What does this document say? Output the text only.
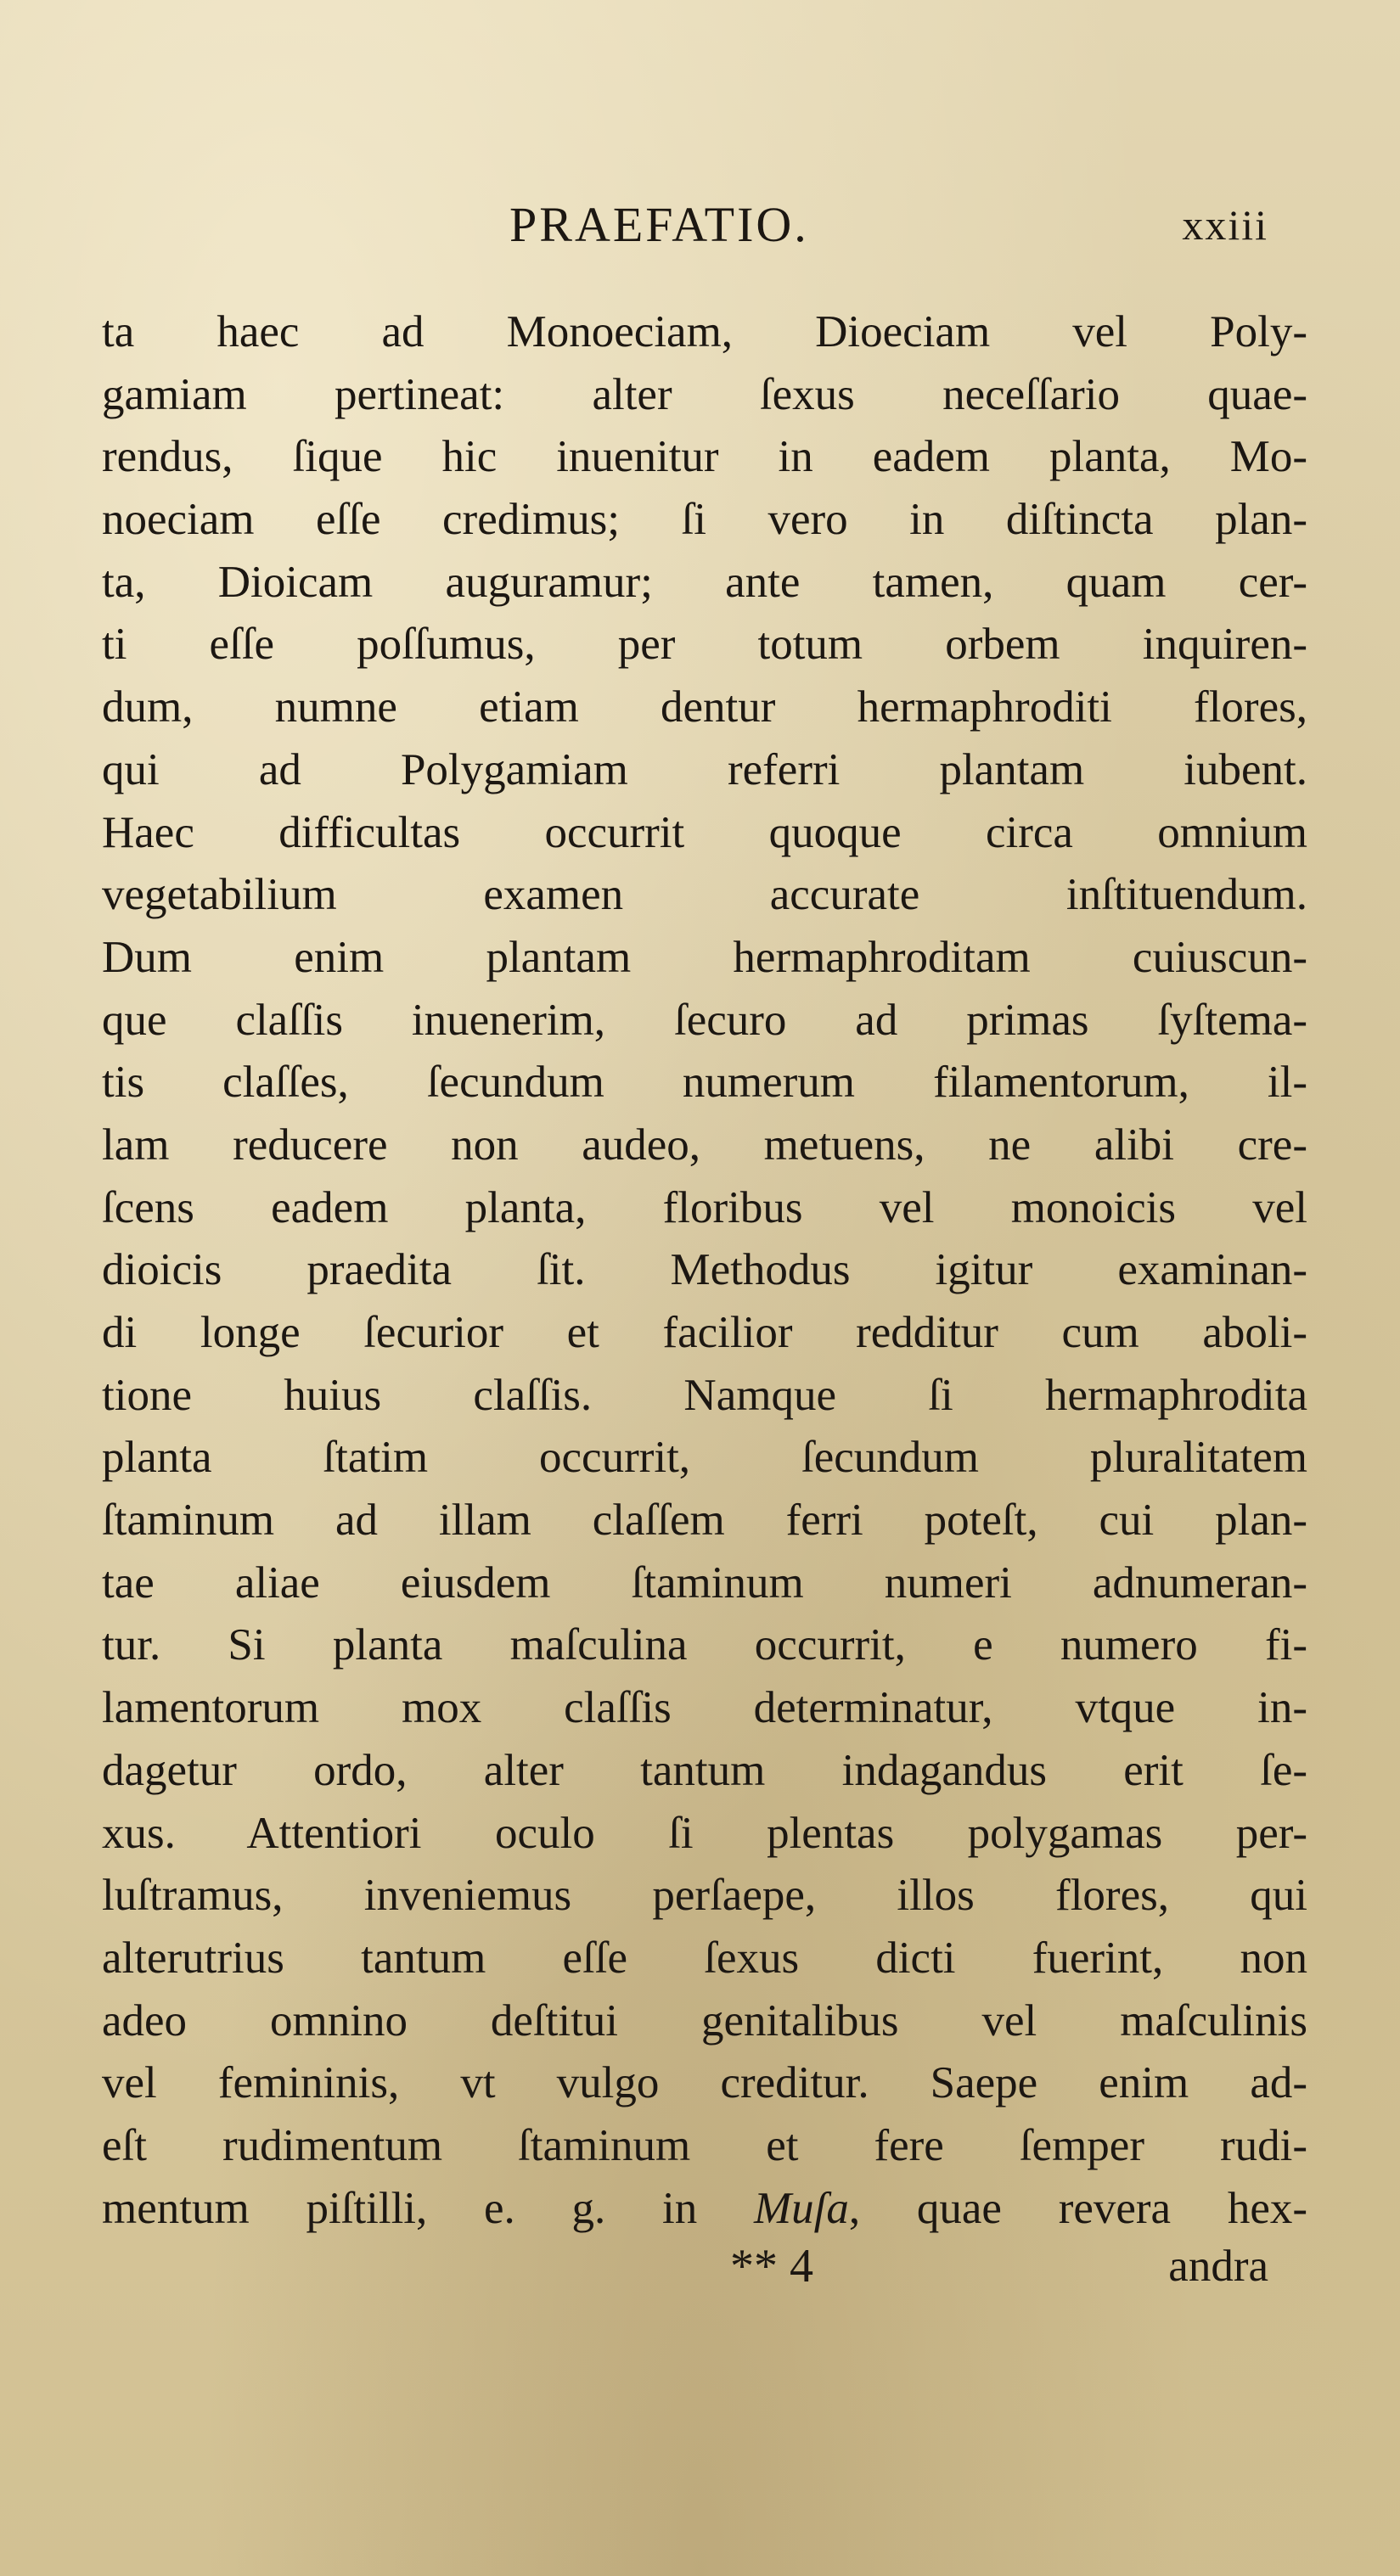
PRAEFATIO.	xxiii
ta haec ad Monoeciam, Dioeciam vel Poly-
gamiam pertineat: alter ſexus neceſſario quae-
rendus, ſique hic inuenitur in eadem planta, Mo-
noeciam eſſe credimus; ſi vero in diſtincta plan-
ta, Dioicam auguramur; ante tamen, quam cer-
ti eſſe poſſumus, per totum orbem inquiren-
dum, numne etiam dentur hermaphroditi flores,
qui ad Polygamiam referri plantam iubent.
Haec difficultas occurrit quoque circa omnium
vegetabilium examen accurate inſtituendum.
Dum enim plantam hermaphroditam cuiuscun-
que claſſis inuenerim, ſecuro ad primas ſyſtema-
tis claſſes, ſecundum numerum filamentorum, il-
lam reducere non audeo, metuens, ne alibi cre-
ſcens eadem planta, floribus vel monoicis vel
dioicis praedita ſit. Methodus igitur examinan-
di longe ſecurior et facilior redditur cum aboli-
tione huius claſſis. Namque ſi hermaphrodita
planta ſtatim occurrit, ſecundum pluralitatem
ſtaminum ad illam claſſem ferri poteſt, cui plan-
tae aliae eiusdem ſtaminum numeri adnumeran-
tur. Si planta maſculina occurrit, e numero fi-
lamentorum mox claſſis determinatur, vtque in-
dagetur ordo, alter tantum indagandus erit ſe-
xus. Attentiori oculo ſi plentas polygamas per-
luſtramus, inveniemus perſaepe, illos flores, qui
alterutrius tantum eſſe ſexus dicti fuerint, non
adeo omnino deſtitui genitalibus vel maſculinis
vel femininis, vt vulgo creditur. Saepe enim ad-
eſt rudimentum ſtaminum et fere ſemper rudi-
mentum piſtilli, e. g. in Muſa, quae revera hex-
** 4	andra
